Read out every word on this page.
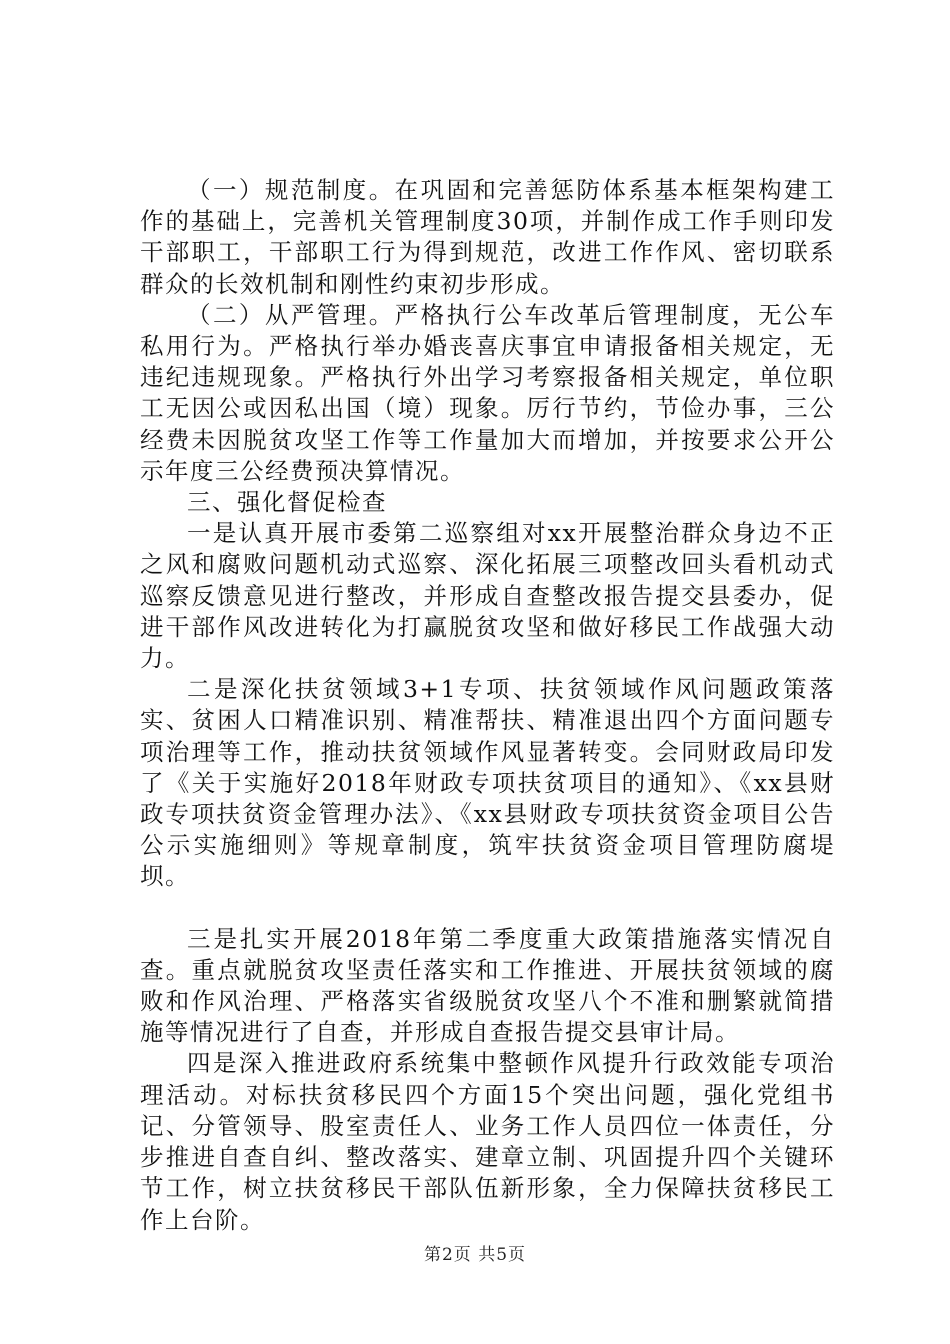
（一）规范制度。在巩固和完善惩防体系基本框架构建工作的基础上，完善机关管理制度30项，并制作成工作手则印发干部职工，干部职工行为得到规范，改进工作作风、密切联系群众的长效机制和刚性约束初步形成。

（二）从严管理。严格执行公车改革后管理制度，无公车私用行为。严格执行举办婚丧喜庆事宜申请报备相关规定，无违纪违规现象。严格执行外出学习考察报备相关规定，单位职工无因公或因私出国（境）现象。厉行节约，节俭办事，三公经费未因脱贫攻坚工作等工作量加大而增加，并按要求公开公示年度三公经费预决算情况。

三、强化督促检查

一是认真开展市委第二巡察组对xx开展整治群众身边不正之风和腐败问题机动式巡察、深化拓展三项整改回头看机动式巡察反馈意见进行整改，并形成自查整改报告提交县委办，促进干部作风改进转化为打赢脱贫攻坚和做好移民工作战强大动力。

二是深化扶贫领域3+1专项、扶贫领域作风问题政策落实、贫困人口精准识别、精准帮扶、精准退出四个方面问题专项治理等工作，推动扶贫领域作风显著转变。会同财政局印发了《关于实施好2018年财政专项扶贫项目的通知》、《xx县财政专项扶贫资金管理办法》、《xx县财政专项扶贫资金项目公告公示实施细则》等规章制度，筑牢扶贫资金项目管理防腐堤坝。

三是扎实开展2018年第二季度重大政策措施落实情况自查。重点就脱贫攻坚责任落实和工作推进、开展扶贫领域的腐败和作风治理、严格落实省级脱贫攻坚八个不准和删繁就简措施等情况进行了自查，并形成自查报告提交县审计局。

四是深入推进政府系统集中整顿作风提升行政效能专项治理活动。对标扶贫移民四个方面15个突出问题，强化党组书记、分管领导、股室责任人、业务工作人员四位一体责任，分步推进自查自纠、整改落实、建章立制、巩固提升四个关键环节工作，树立扶贫移民干部队伍新形象，全力保障扶贫移民工作上台阶。

第2页 共5页
